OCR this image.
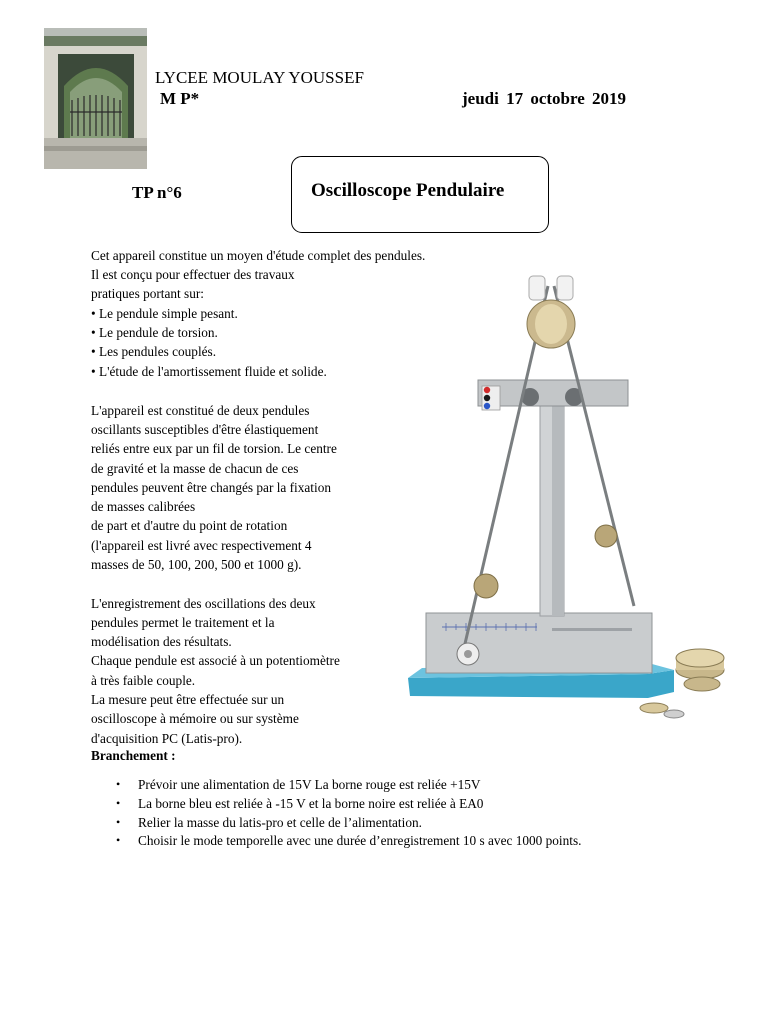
LYCEE MOULAY YOUSSEF
M P*	jeudi 17 octobre 2019
TP n°6	Oscilloscope Pendulaire
Cet appareil constitue un moyen d'étude complet des pendules.
Il est conçu pour effectuer des travaux
pratiques portant sur:
• Le pendule simple pesant.
• Le pendule de torsion.
• Les pendules couplés.
• L'étude de l'amortissement fluide et solide.
L'appareil est constitué de deux pendules
oscillants susceptibles d'être élastiquement
reliés entre eux par un fil de torsion. Le centre
de gravité et la masse de chacun de ces
pendules peuvent être changés par la fixation
de masses calibrées
de part et d'autre du point de rotation
(l'appareil est livré avec respectivement 4
masses de 50, 100, 200, 500 et 1000 g).
L'enregistrement des oscillations des deux
pendules permet le traitement et la
modélisation des résultats.
Chaque pendule est associé à un potentiomètre
à très faible couple.
La mesure peut être effectuée sur un
oscilloscope à mémoire ou sur système
d'acquisition PC (Latis-pro).
Branchement :
• Prévoir une alimentation de 15V La borne rouge est reliée +15V
• La borne bleu est reliée à -15 V et la borne noire est reliée à EA0
• Relier la masse du latis-pro et celle de l’alimentation.
• Choisir le mode temporelle avec une durée d’enregistrement 10 s avec 1000 points.
